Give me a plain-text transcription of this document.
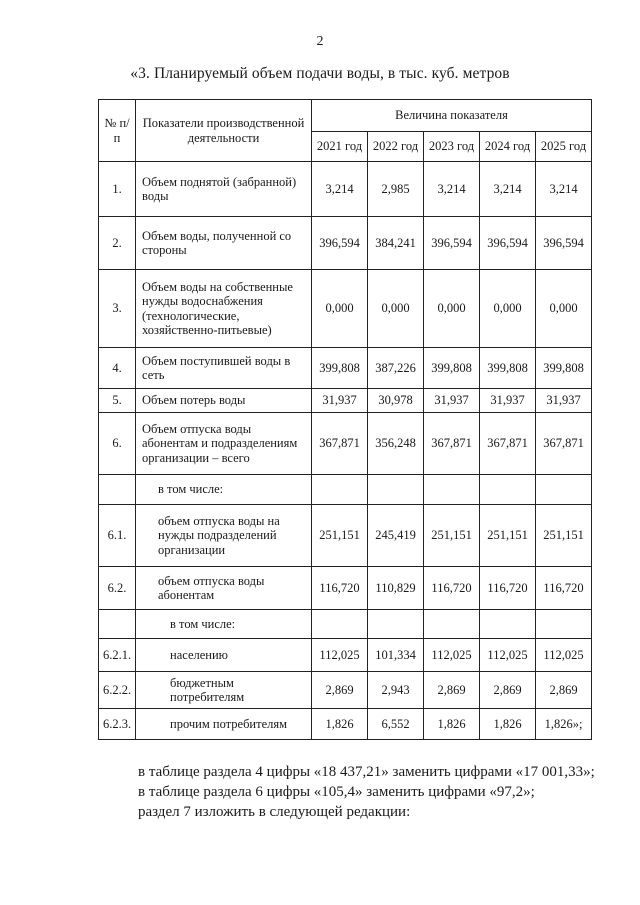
2
«3. Планируемый объем подачи воды, в тыс. куб. метров
№ п/п	Показатели производственной деятельности	Величина показателя				
		2021 год	2022 год	2023 год	2024 год	2025 год
1.	Объем поднятой (забранной) воды	3,214	2,985	3,214	3,214	3,214
2.	Объем воды, полученной со стороны	396,594	384,241	396,594	396,594	396,594
3.	Объем воды на собственные нужды водоснабжения (технологические, хозяйственно-питьевые)	0,000	0,000	0,000	0,000	0,000
4.	Объем поступившей воды в сеть	399,808	387,226	399,808	399,808	399,808
5.	Объем потерь воды	31,937	30,978	31,937	31,937	31,937
6.	Объем отпуска воды абонентам и подразделениям организации – всего	367,871	356,248	367,871	367,871	367,871
	в том числе:					
6.1.	объем отпуска воды на нужды подразделений организации	251,151	245,419	251,151	251,151	251,151
6.2.	объем отпуска воды абонентам	116,720	110,829	116,720	116,720	116,720
	в том числе:					
6.2.1.	населению	112,025	101,334	112,025	112,025	112,025
6.2.2.	бюджетным потребителям	2,869	2,943	2,869	2,869	2,869
6.2.3.	прочим потребителям	1,826	6,552	1,826	1,826	1,826»;
в таблице раздела 4 цифры «18 437,21» заменить цифрами «17 001,33»;
в таблице раздела 6 цифры «105,4» заменить цифрами «97,2»;
раздел 7 изложить в следующей редакции:
